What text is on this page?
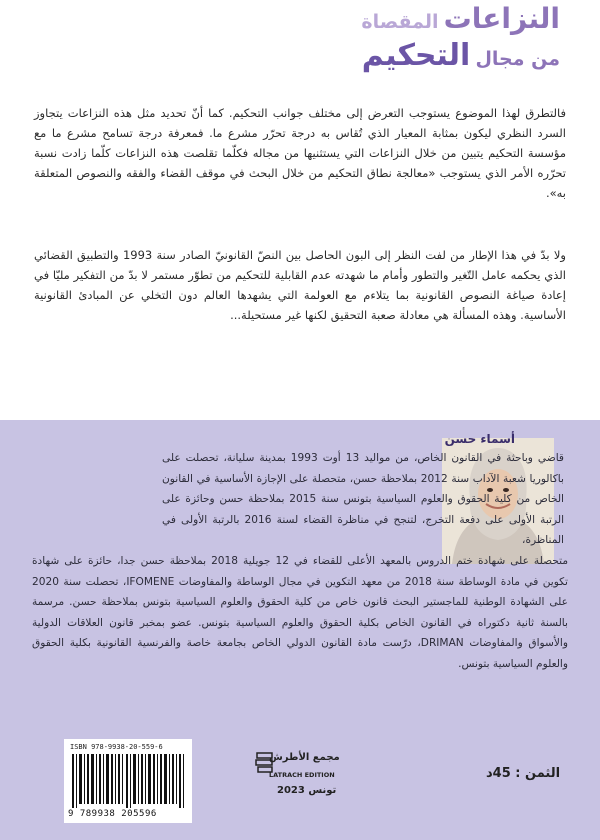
النزاعات المقصاة
من مجال التحكيم

فالتطرق لهذا الموضوع يستوجب التعرض إلى مختلف جوانب التحكيم. كما أنّ تحديد مثل هذه النزاعات يتجاوز السرد النظري ليكون بمثابة المعيار الذي تُقاس به درجة تحرّر مشرع ما. فمعرفة درجة تسامح مشرع ما مع مؤسسة التحكيم يتبين من خلال النزاعات التي يستثنيها من مجاله فكلّما تقلصت هذه النزاعات كلّما زادت نسبة تحرّره الأمر الذي يستوجب «معالجة نطاق التحكيم من خلال البحث في موقف القضاء والفقه والنصوص المتعلقة به».

ولا بدّ في هذا الإطار من لفت النظر إلى البون الحاصل بين النصّ القانونيّ الصادر سنة 1993 والتطبيق القضائي الذي يحكمه عامل التّغير والتطور وأمام ما شهدته عدم القابلية للتحكيم من تطوّر مستمر لا بدّ من التفكير مليّا في إعادة صياغة النصوص القانونية بما يتلاءم مع العولمة التي يشهدها العالم دون التخلي عن المبادئ القانونية الأساسية. وهذه المسألة هي معادلة صعبة التحقيق لكنها غير مستحيلة...

أسماء حسن

قاضي وباحثة في القانون الخاص، من مواليد 13 أوت 1993 بمدينة سليانة، تحصلت على باكالوريا شعبة الآداب سنة 2012 بملاحظة حسن، متحصلة على الإجازة الأساسية في القانون الخاص من كلية الحقوق والعلوم السياسية بتونس سنة 2015 بملاحظة حسن وحائزة على الرتبة الأولى على دفعة التخرج، لتنجح في مناظرة القضاء لسنة 2016 بالرتبة الأولى في المناظرة،

متحصلة على شهادة ختم الدروس بالمعهد الأعلى للقضاء في 12 جويلية 2018 بملاحظة حسن جدا، حائزة على شهادة تكوين في مادة الوساطة سنة 2018 من معهد التكوين في مجال الوساطة والمفاوضات IFOMENE، تحصلت سنة 2020 على الشهادة الوطنية للماجستير البحث قانون خاص من كلية الحقوق والعلوم السياسية بتونس بملاحظة حسن. مرسمة بالسنة ثانية دكتوراه في القانون الخاص بكلية الحقوق والعلوم السياسية بتونس. عضو بمخبر قانون العلاقات الدولية والأسواق والمفاوضات DRIMAN، درّست مادة القانون الدولي الخاص بجامعة خاصة والفرنسية القانونية بكلية الحقوق والعلوم السياسية بتونس.

ISBN 978-9938-20-559-6
9 789938 205596
مجمع الأطرش
LATRACH EDITION
تونس 2023
الثمن : 45د
